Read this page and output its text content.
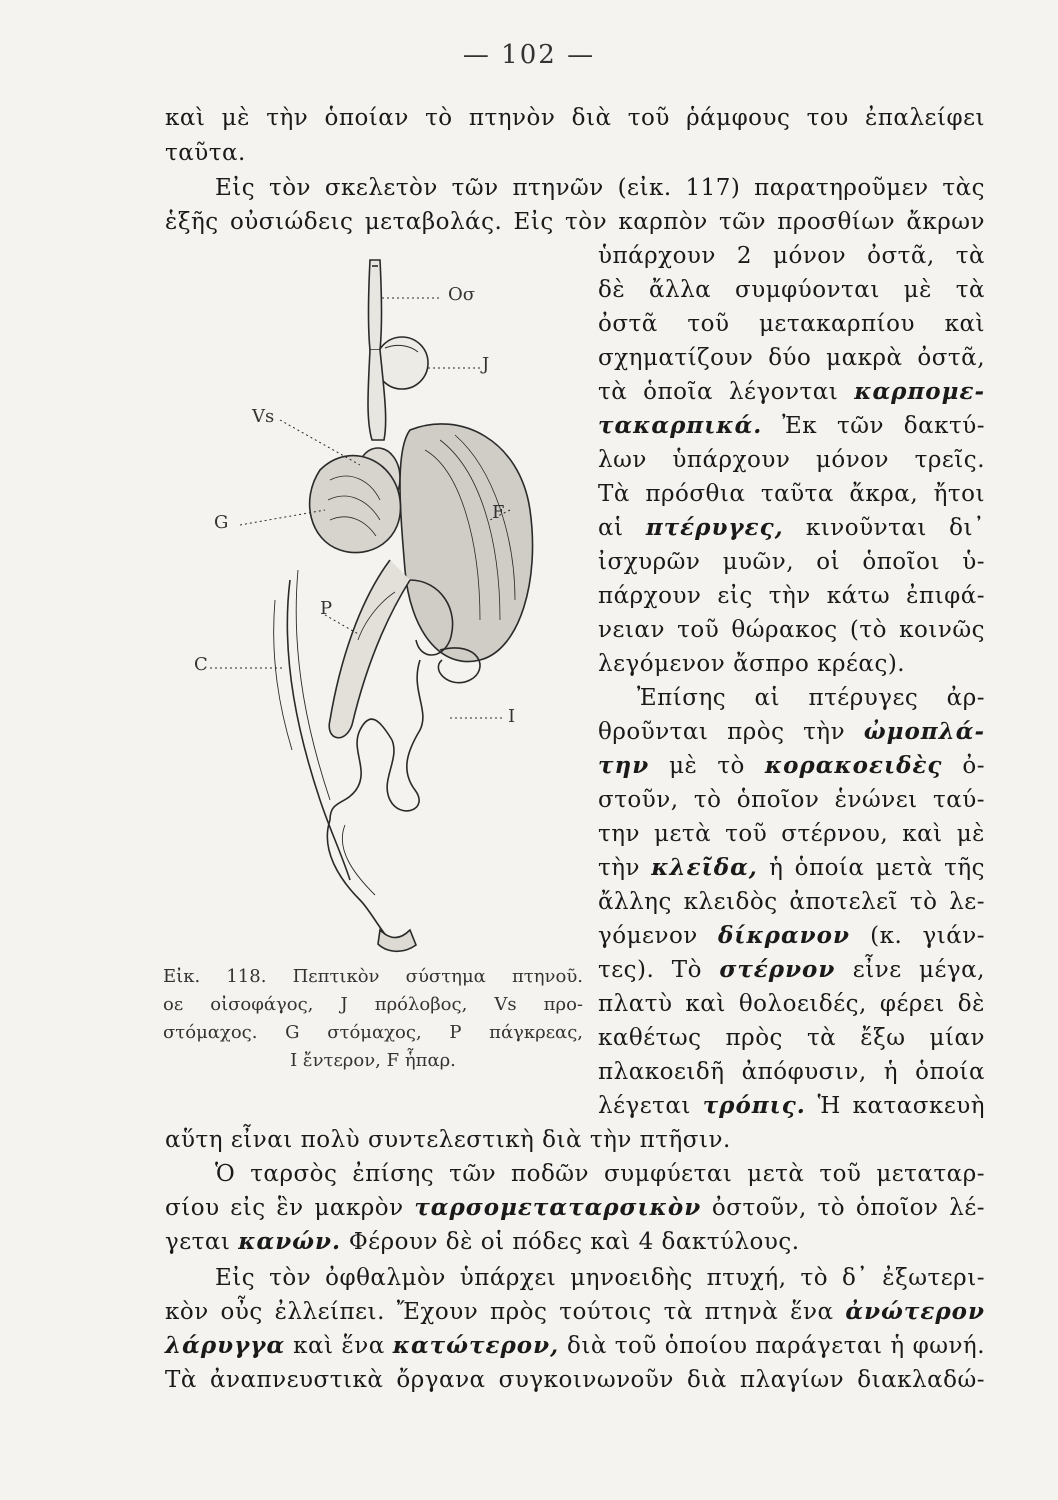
— 102 —
καὶ μὲ τὴν ὁποίαν τὸ πτηνὸν διὰ τοῦ ῥάμφους του ἐπαλείφει
ταῦτα.
Εἰς τὸν σκελετὸν τῶν πτηνῶν (εἰκ. 117) παρατηροῦμεν τὰς
ἑξῆς οὐσιώδεις μεταβολάς. Εἰς τὸν καρπὸν τῶν προσθίων ἄκρων
ὑπάρχουν 2 μόνον ὀστᾶ, τὰ
δὲ ἄλλα συμφύονται μὲ τὰ
ὀστᾶ τοῦ μετακαρπίου καὶ
σχηματίζουν δύο μακρὰ ὀστᾶ,
τὰ ὁποῖα λέγονται καρπομε-
τακαρπικά. Ἐκ τῶν δακτύ-
λων ὑπάρχουν μόνον τρεῖς.
Τὰ πρόσθια ταῦτα ἄκρα, ἤτοι
αἱ πτέρυγες, κινοῦνται δι᾽
ἰσχυρῶν μυῶν, οἱ ὁποῖοι ὑ-
πάρχουν εἰς τὴν κάτω ἐπιφά-
νειαν τοῦ θώρακος (τὸ κοινῶς
λεγόμενον ἄσπρο κρέας).
Ἐπίσης αἱ πτέρυγες ἀρ-
θροῦνται πρὸς τὴν ὠμοπλά-
την μὲ τὸ κορακοειδὲς ὀ-
στοῦν, τὸ ὁποῖον ἑνώνει ταύ-
την μετὰ τοῦ στέρνου, καὶ μὲ
τὴν κλεῖδα, ἡ ὁποία μετὰ τῆς
ἄλλης κλειδὸς ἀποτελεῖ τὸ λε-
γόμενον δίκρανον (κ. γιάν-
τες). Τὸ στέρνον εἶνε μέγα,
πλατὺ καὶ θολοειδές, φέρει δὲ
καθέτως πρὸς τὰ ἔξω μίαν
πλακοειδῆ ἀπόφυσιν, ἡ ὁποία
λέγεται τρόπις. Ἡ κατασκευὴ
αὕτη εἶναι πολὺ συντελεστικὴ διὰ τὴν πτῆσιν.
Ὁ ταρσὸς ἐπίσης τῶν ποδῶν συμφύεται μετὰ τοῦ μεταταρ-
σίου εἰς ἓν μακρὸν ταρσομεταταρσικὸν ὀστοῦν, τὸ ὁποῖον λέ-
γεται κανών. Φέρουν δὲ οἱ πόδες καὶ 4 δακτύλους.
Εἰς τὸν ὀφθαλμὸν ὑπάρχει μηνοειδὴς πτυχή, τὸ δ᾽ ἐξωτερι-
κὸν οὖς ἐλλείπει. Ἔχουν πρὸς τούτοις τὰ πτηνὰ ἕνα ἀνώτερον
λάρυγγα καὶ ἕνα κατώτερον, διὰ τοῦ ὁποίου παράγεται ἡ φωνή.
Τὰ ἀναπνευστικὰ ὄργανα συγκοινωνοῦν διὰ πλαγίων διακλαδώ-
Οσ
J
Vs
G	F
P
C
I
Εἰκ. 118. Πεπτικὸν σύστημα πτηνοῦ.
οε οἰσοφάγος, J πρόλοβος, Vs προ-
στόμαχος. G στόμαχος, P πάγκρεας,
I ἔντερον, F ἧπαρ.
